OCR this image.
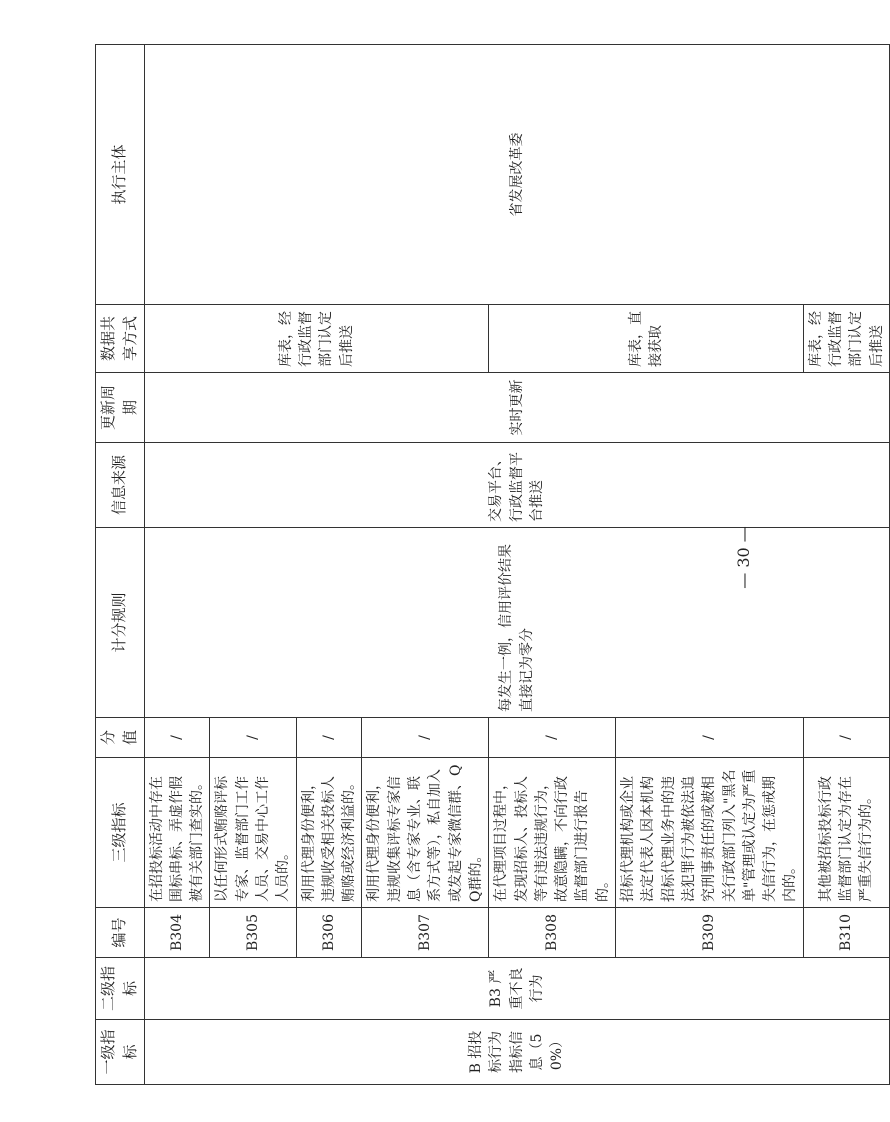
一级指标	二级指标	编号	三级指标	分值	计分规则	信息来源	更新周期	数据共享方式	执行主体
B 招投标行为指标信息（50%）	B3 严重不良行为	B304	在招投标活动中存在围标串标、弄虚作假被有关部门查实的。	/	每发生一例，信用评价结果直接记为零分	交易平台、行政监督平台推送	实时更新	库表，经行政监督部门认定后推送	省发展改革委
		B305	以任何形式贿赂评标专家、监督部门工作人员、交易中心工作人员的。	/					
		B306	利用代理身份便利，违规收受相关投标人贿赂或经济利益的。	/					
		B307	利用代理身份便利，违规收集评标专家信息（含专家专业、联系方式等），私自加入或发起专家微信群、QQ群的。	/					
		B308	在代理项目过程中，发现招标人、投标人等有违法违规行为，故意隐瞒，不向行政监督部门进行报告的。	/				库表，直接获取	
		B309	招标代理机构或企业法定代表人因本机构招标代理业务中的违法犯罪行为被依法追究刑事责任的或被相关行政部门列入"黑名单"管理或认定为严重失信行为，在惩戒期内的。	/					
		B310	其他被招标投标行政监督部门认定为存在严重失信行为的。	/				库表，经行政监督部门认定后推送	
— 30 —
